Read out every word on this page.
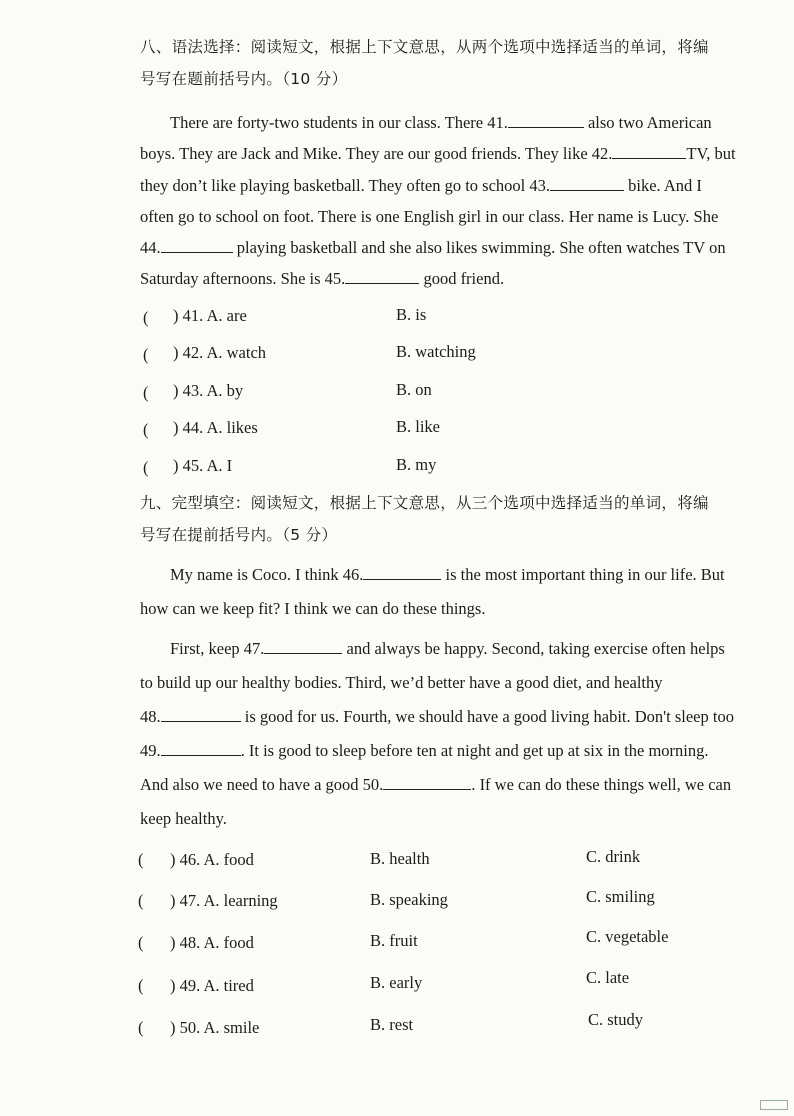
八、语法选择：阅读短文，根据上下文意思，从两个选项中选择适当的单词，将编
号写在题前括号内。（10 分）
There are forty-two students in our class. There 41.	also two American
boys. They are Jack and Mike. They are our good friends. They like 42.	TV, but
they don’t like playing basketball. They often go to school 43.	bike. And I
often go to school on foot. There is one English girl in our class. Her name is Lucy. She
44.	playing basketball and she also likes swimming. She often watches TV on
Saturday afternoons. She is 45.	good friend.
( ) 41. A. are	B. is
( ) 42. A. watch	B. watching
( ) 43. A. by	B. on
( ) 44. A. likes	B. like
( ) 45. A. I	B. my
九、完型填空：阅读短文，根据上下文意思，从三个选项中选择适当的单词，将编
号写在提前括号内。（5 分）
My name is Coco. I think 46.	is the most important thing in our life. But
how can we keep fit? I think we can do these things.
First, keep 47.	and always be happy. Second, taking exercise often helps
to build up our healthy bodies. Third, we’d better have a good diet, and healthy
48.	is good for us. Fourth, we should have a good living habit. Don't sleep too
49.	. It is good to sleep before ten at night and get up at six in the morning.
And also we need to have a good 50.	. If we can do these things well, we can
keep healthy.
( ) 46. A. food	B. health	C. drink
( ) 47. A. learning	B. speaking	C. smiling
( ) 48. A. food	B. fruit	C. vegetable
( ) 49. A. tired	B. early	C. late
( ) 50. A. smile	B. rest	C. study
